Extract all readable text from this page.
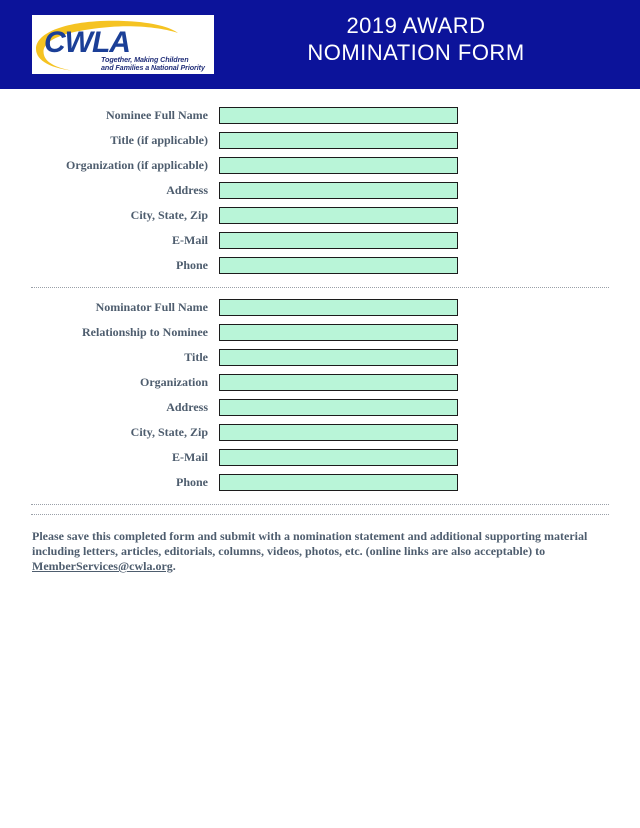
CWLA
Together, Making Children
and Families a National Priority
2019 AWARD
NOMINATION FORM
Nominee Full Name
Title (if applicable)
Organization (if applicable)
Address
City, State, Zip
E-Mail
Phone
Nominator Full Name
Relationship to Nominee
Title
Organization
Address
City, State, Zip
E-Mail
Phone
Please save this completed form and submit with a nomination statement and additional supporting material including letters, articles, editorials, columns, videos, photos, etc. (online links are also acceptable) to MemberServices@cwla.org.
